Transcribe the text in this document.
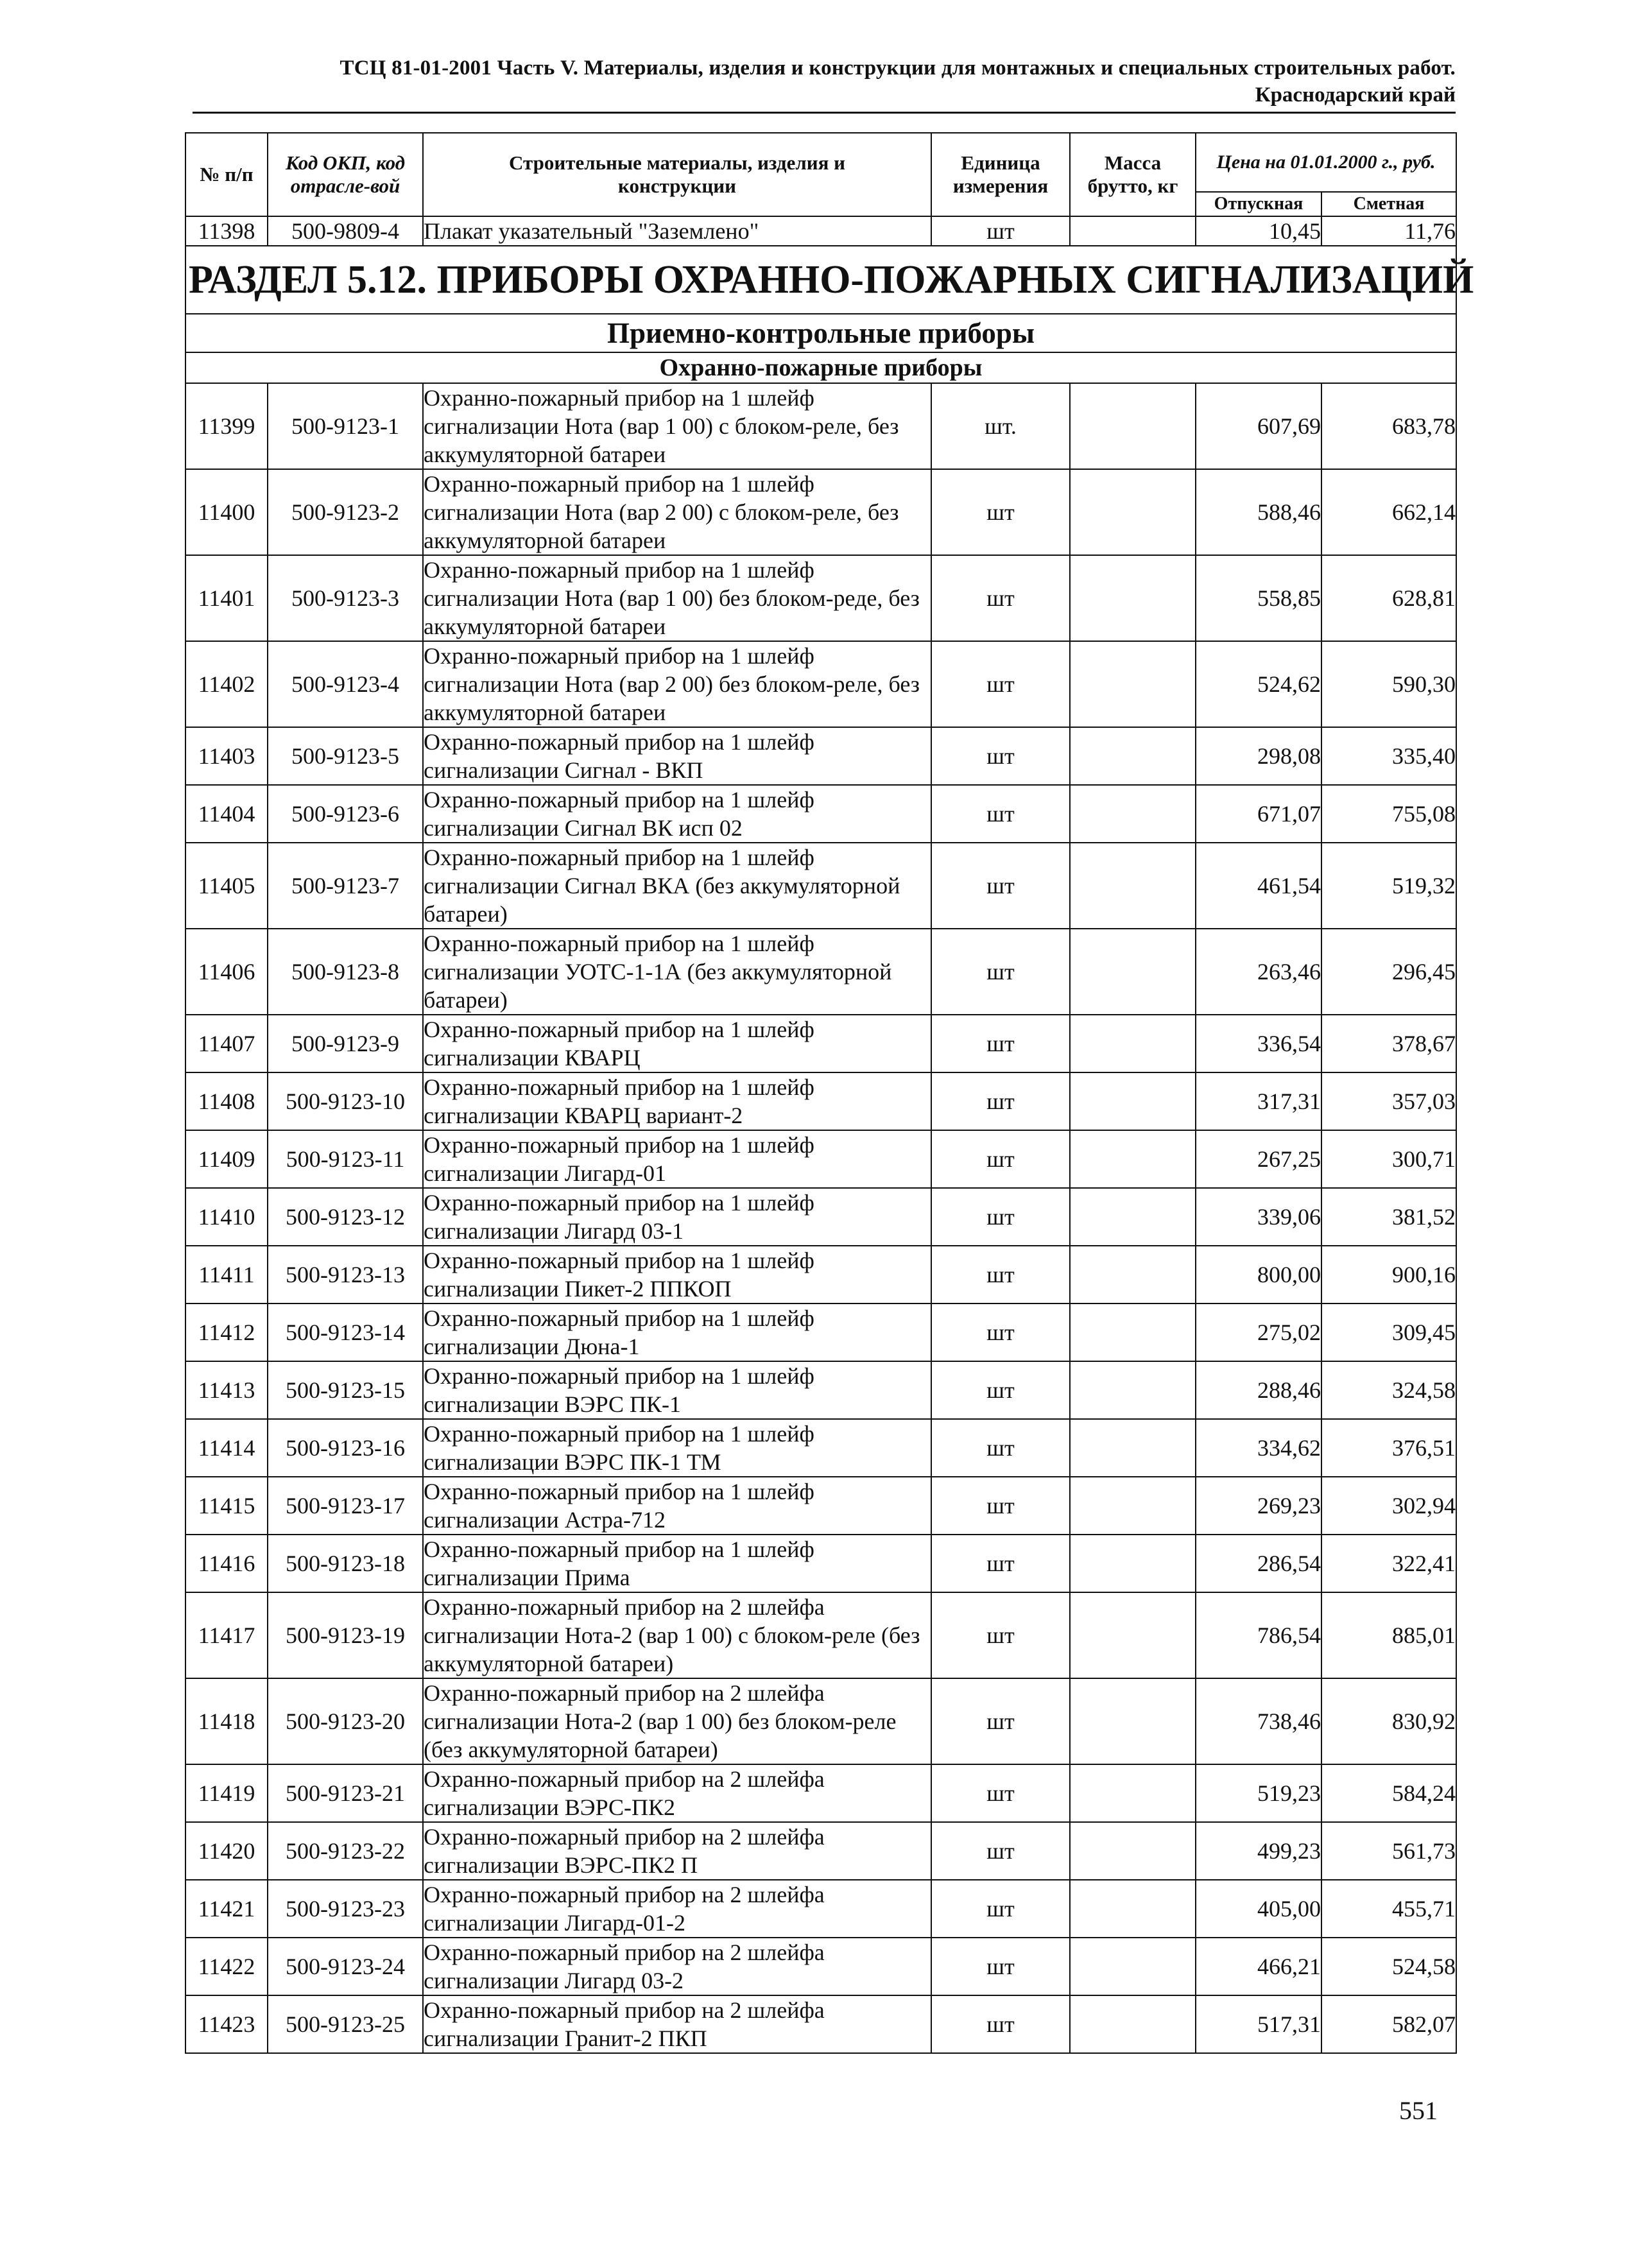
ТСЦ 81-01-2001 Часть V. Материалы, изделия и конструкции для монтажных и специальных строительных работ.
Краснодарский край
№ п/п	Код ОКП, код отрасле-вой	Строительные материалы, изделия и конструкции	Единица измерения	Масса брутто, кг	Цена на 01.01.2000 г., руб.	
					Отпускная	Сметная
11398	500-9809-4	Плакат указательный "Заземлено"	шт		10,45	11,76
РАЗДЕЛ 5.12. ПРИБОРЫ ОХРАННО-ПОЖАРНЫХ СИГНАЛИЗАЦИЙ						
Приемно-контрольные приборы						
Охранно-пожарные приборы						
11399	500-9123-1	Охранно-пожарный прибор на 1 шлейф сигнализации Нота (вар 1 00) с блоком-реле, без аккумуляторной батареи	шт.		607,69	683,78
11400	500-9123-2	Охранно-пожарный прибор на 1 шлейф сигнализации Нота (вар 2 00) с блоком-реле, без аккумуляторной батареи	шт		588,46	662,14
11401	500-9123-3	Охранно-пожарный прибор на 1 шлейф сигнализации Нота (вар 1 00) без блоком-реде, без аккумуляторной батареи	шт		558,85	628,81
11402	500-9123-4	Охранно-пожарный прибор на 1 шлейф сигнализации Нота (вар 2 00) без блоком-реле, без аккумуляторной батареи	шт		524,62	590,30
11403	500-9123-5	Охранно-пожарный прибор на 1 шлейф сигнализации Сигнал - ВКП	шт		298,08	335,40
11404	500-9123-6	Охранно-пожарный прибор на 1 шлейф сигнализации Сигнал ВК исп 02	шт		671,07	755,08
11405	500-9123-7	Охранно-пожарный прибор на 1 шлейф сигнализации Сигнал ВКА (без аккумуляторной батареи)	шт		461,54	519,32
11406	500-9123-8	Охранно-пожарный прибор на 1 шлейф сигнализации УОТС-1-1А (без аккумуляторной батареи)	шт		263,46	296,45
11407	500-9123-9	Охранно-пожарный прибор на 1 шлейф сигнализации КВАРЦ	шт		336,54	378,67
11408	500-9123-10	Охранно-пожарный прибор на 1 шлейф сигнализации КВАРЦ вариант-2	шт		317,31	357,03
11409	500-9123-11	Охранно-пожарный прибор на 1 шлейф сигнализации Лигард-01	шт		267,25	300,71
11410	500-9123-12	Охранно-пожарный прибор на 1 шлейф сигнализации Лигард 03-1	шт		339,06	381,52
11411	500-9123-13	Охранно-пожарный прибор на 1 шлейф сигнализации Пикет-2 ППКОП	шт		800,00	900,16
11412	500-9123-14	Охранно-пожарный прибор на 1 шлейф сигнализации Дюна-1	шт		275,02	309,45
11413	500-9123-15	Охранно-пожарный прибор на 1 шлейф сигнализации ВЭРС ПК-1	шт		288,46	324,58
11414	500-9123-16	Охранно-пожарный прибор на 1 шлейф сигнализации ВЭРС ПК-1 ТМ	шт		334,62	376,51
11415	500-9123-17	Охранно-пожарный прибор на 1 шлейф сигнализации Астра-712	шт		269,23	302,94
11416	500-9123-18	Охранно-пожарный прибор на 1 шлейф сигнализации Прима	шт		286,54	322,41
11417	500-9123-19	Охранно-пожарный прибор на 2 шлейфа сигнализации Нота-2 (вар 1 00) с блоком-реле (без аккумуляторной батареи)	шт		786,54	885,01
11418	500-9123-20	Охранно-пожарный прибор на 2 шлейфа сигнализации Нота-2 (вар 1 00) без блоком-реле (без аккумуляторной батареи)	шт		738,46	830,92
11419	500-9123-21	Охранно-пожарный прибор на 2 шлейфа сигнализации ВЭРС-ПК2	шт		519,23	584,24
11420	500-9123-22	Охранно-пожарный прибор на 2 шлейфа сигнализации ВЭРС-ПК2 П	шт		499,23	561,73
11421	500-9123-23	Охранно-пожарный прибор на 2 шлейфа сигнализации Лигард-01-2	шт		405,00	455,71
11422	500-9123-24	Охранно-пожарный прибор на 2 шлейфа сигнализации Лигард 03-2	шт		466,21	524,58
11423	500-9123-25	Охранно-пожарный прибор на 2 шлейфа сигнализации Гранит-2 ПКП	шт		517,31	582,07
551
